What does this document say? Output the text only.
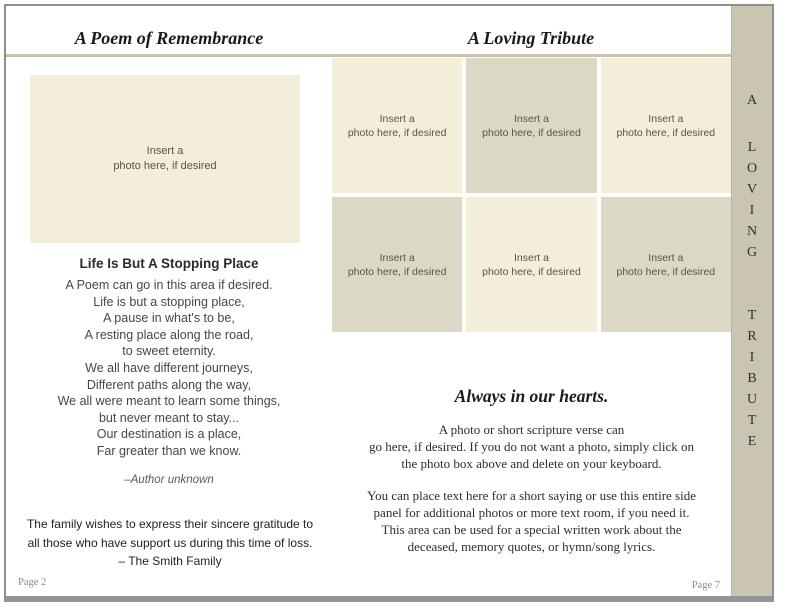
A Poem of Remembrance	A Loving Tribute
Insert a
photo here, if desired
Life Is But A Stopping Place
A Poem can go in this area if desired.
Life is but a stopping place,
A pause in what's to be,
A resting place along the road,
to sweet eternity.
We all have different journeys,
Different paths along the way,
We all were meant to learn some things,
but never meant to stay...
Our destination is a place,
Far greater than we know.
–Author unknown
The family wishes to express their sincere gratitude to
all those who have support us during this time of loss.
– The Smith Family
Page 2
Insert a
photo here, if desired
Insert a
photo here, if desired
Insert a
photo here, if desired
Insert a
photo here, if desired
Insert a
photo here, if desired
Insert a
photo here, if desired
Always in our hearts.
A photo or short scripture verse can
go here, if desired. If you do not want a photo, simply click on
the photo box above and delete on your keyboard.
You can place text here for a short saying or use this entire side
panel for additional photos or more text room, if you need it.
This area can be used for a special written work about the
deceased, memory quotes, or hymn/song lyrics.
Page 7
A
L
O
V
I
N
G
T
R
I
B
U
T
E
